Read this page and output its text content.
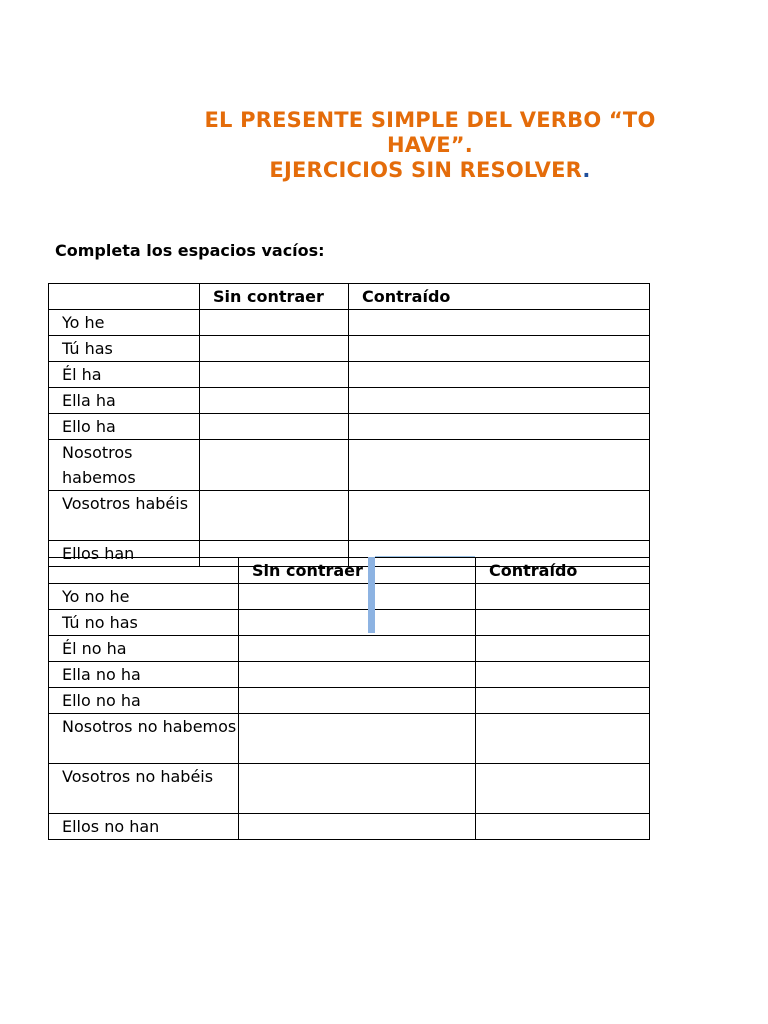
EL PRESENTE SIMPLE DEL VERBO “TO
HAVE”.
EJERCICIOS SIN RESOLVER.
Completa los espacios vacíos:
	Sin contraer	Contraído
Yo he		
Tú has		
Él ha		
Ella ha		
Ello ha		
Nosotros habemos		
Vosotros habéis		
Ellos han		
	Sin contraer	Contraído
Yo no he		
Tú no has		
Él no ha		
Ella no ha		
Ello no ha		
Nosotros no habemos		
Vosotros no habéis		
Ellos no han		
